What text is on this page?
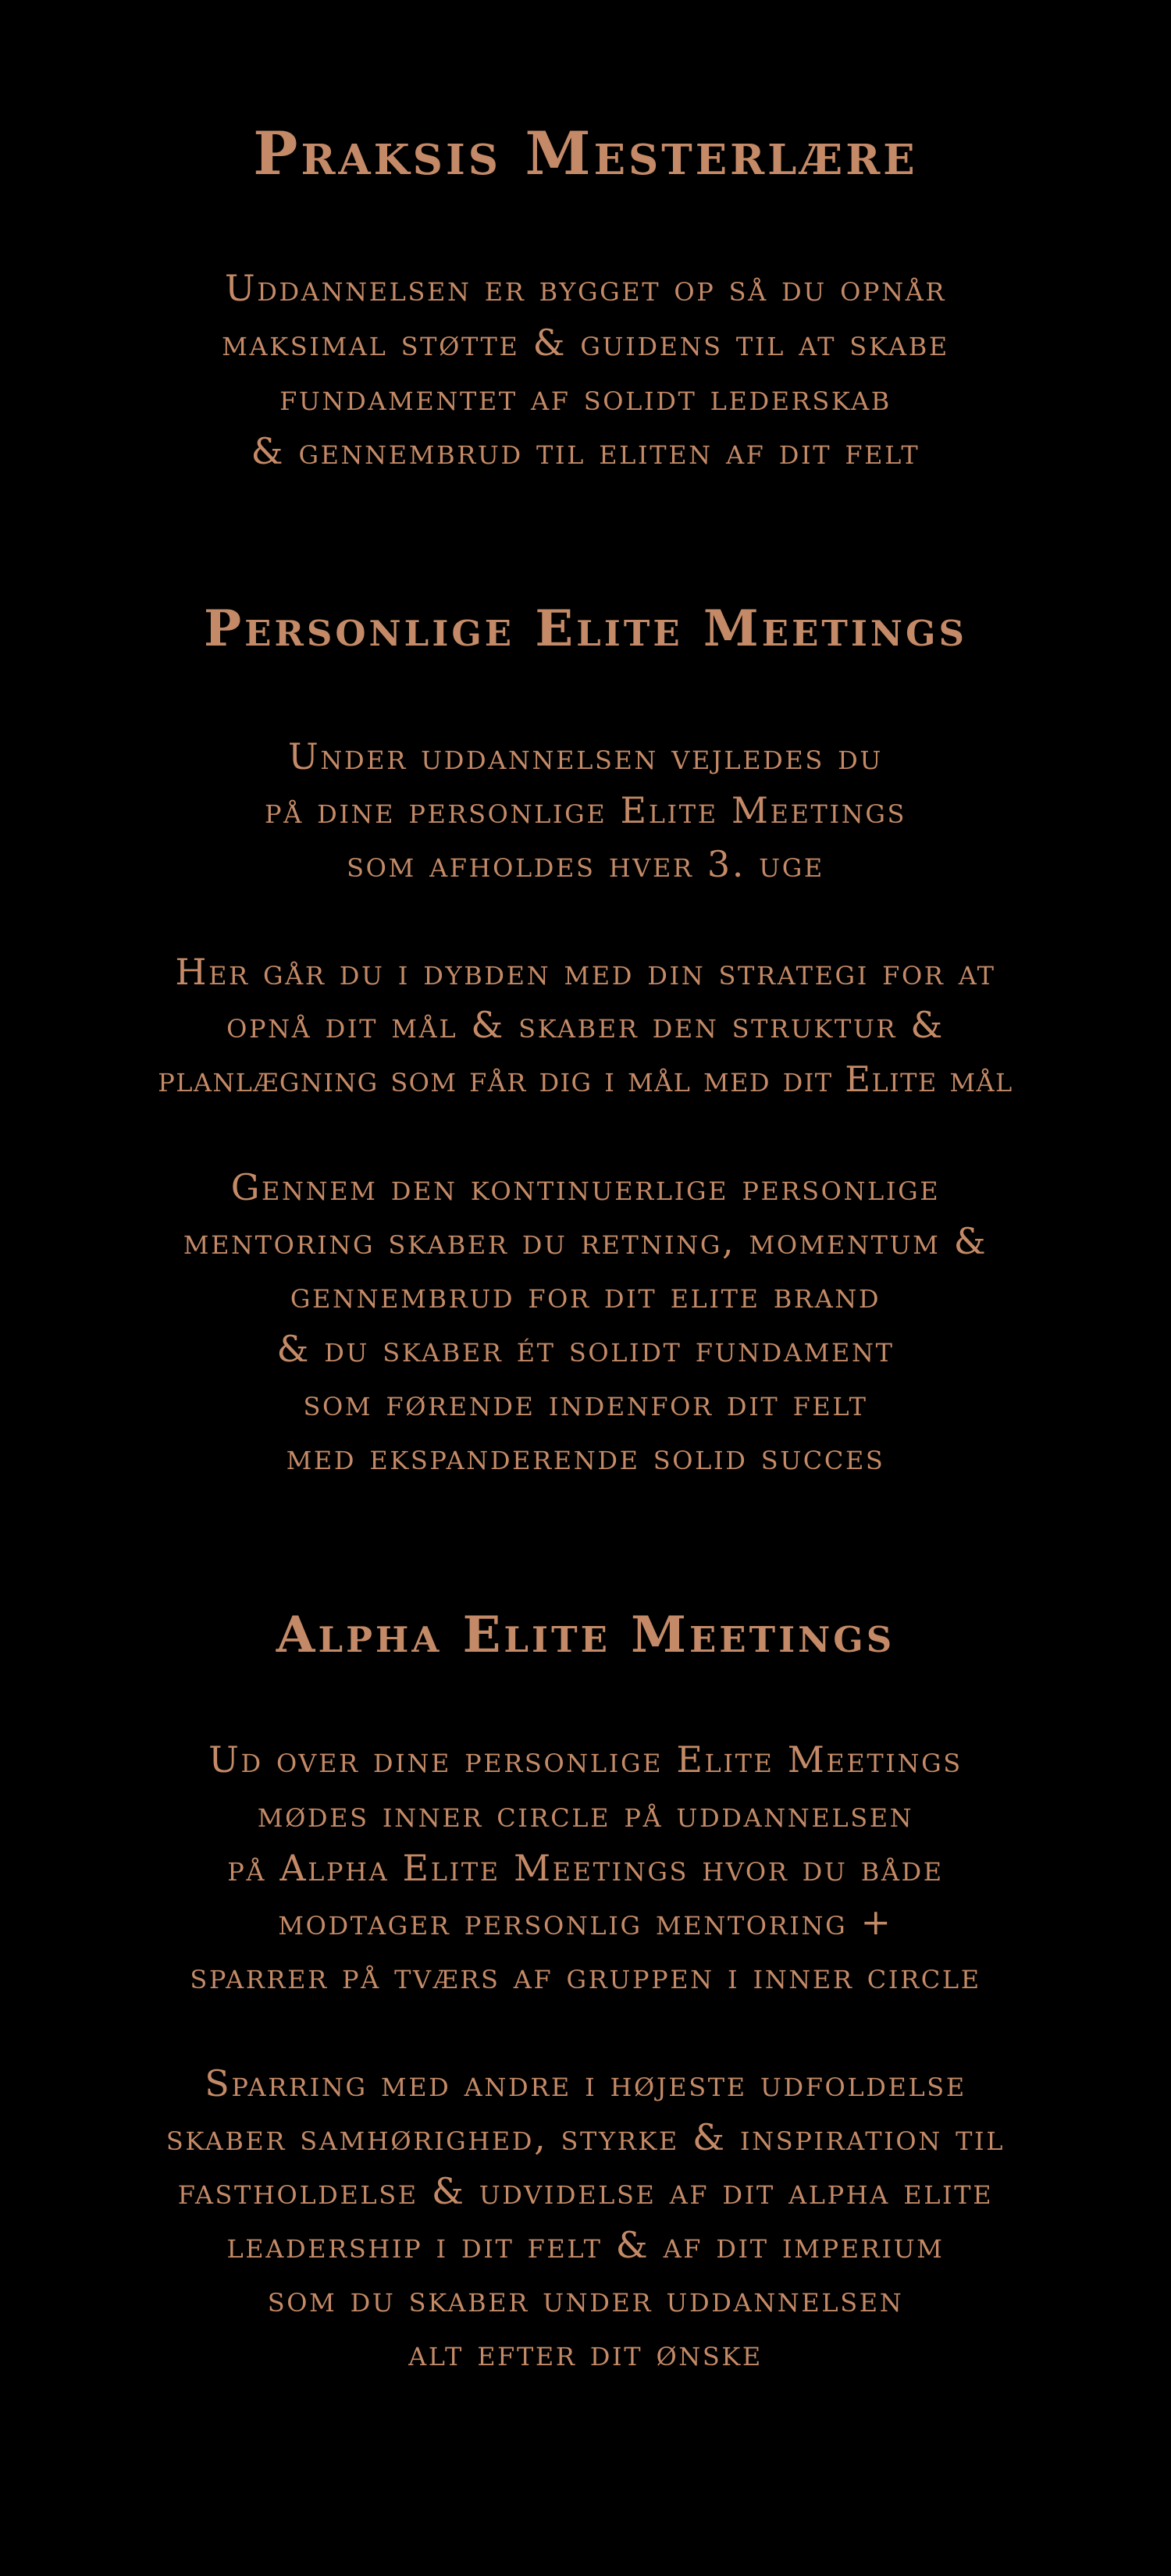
Praksis Mesterlære

Uddannelsen er bygget op så du opnår

maksimal støtte & guidens til at skabe

fundamentet af solidt lederskab

& gennembrud til eliten af dit felt

Personlige Elite Meetings

Under uddannelsen vejledes du

på dine personlige Elite Meetings

som afholdes hver 3. uge

Her går du i dybden med din strategi for at

opnå dit mål & skaber den struktur &

planlægning som får dig i mål med dit Elite mål

Gennem den kontinuerlige personlige

mentoring skaber du retning, momentum &

gennembrud for dit elite brand

& du skaber ét solidt fundament

som førende indenfor dit felt

med ekspanderende solid succes

Alpha Elite Meetings

Ud over dine personlige Elite Meetings

mødes inner circle på uddannelsen

på Alpha Elite Meetings hvor du både

modtager personlig mentoring +

sparrer på tværs af gruppen i inner circle

Sparring med andre i højeste udfoldelse

skaber samhørighed, styrke & inspiration til

fastholdelse & udvidelse af dit alpha elite

leadership i dit felt & af dit imperium

som du skaber under uddannelsen

alt efter dit ønske
